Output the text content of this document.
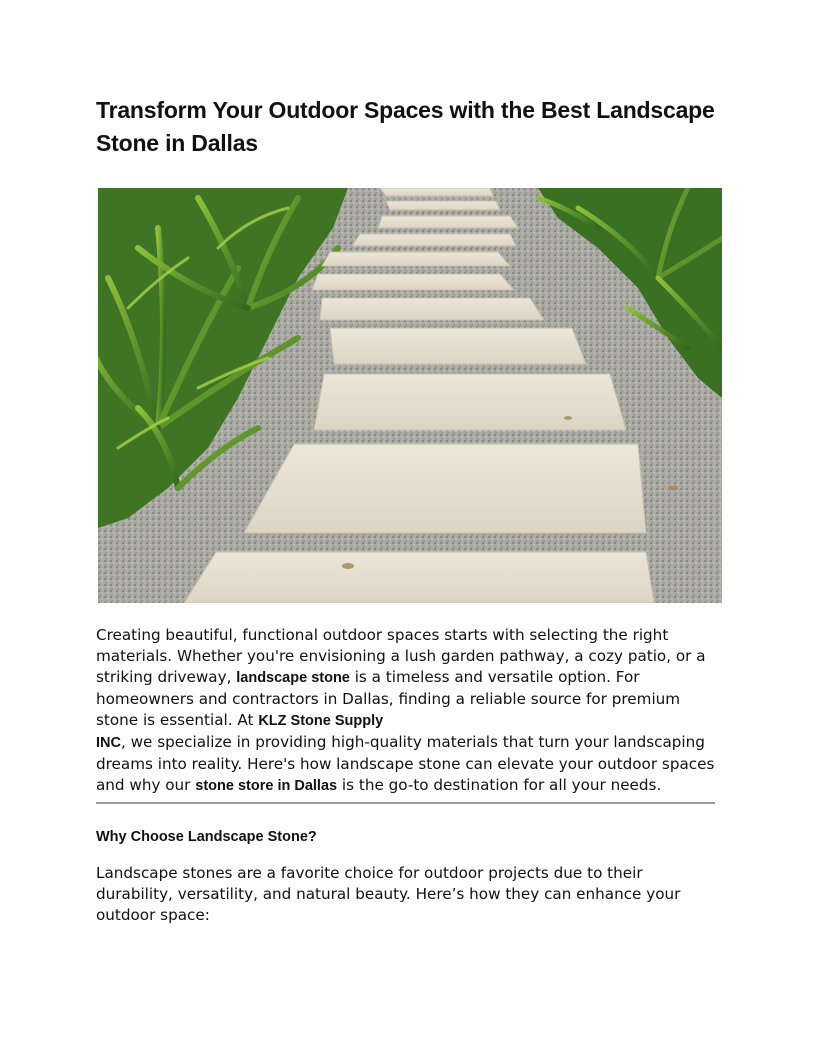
Transform Your Outdoor Spaces with the Best Landscape Stone in Dallas

Creating beautiful, functional outdoor spaces starts with selecting the right materials. Whether you're envisioning a lush garden pathway, a cozy patio, or a striking driveway, landscape stone is a timeless and versatile option. For homeowners and contractors in Dallas, finding a reliable source for premium stone is essential. At KLZ Stone Supply
INC, we specialize in providing high-quality materials that turn your landscaping dreams into reality. Here's how landscape stone can elevate your outdoor spaces and why our stone store in Dallas is the go-to destination for all your needs.

Why Choose Landscape Stone?

Landscape stones are a favorite choice for outdoor projects due to their durability, versatility, and natural beauty. Here’s how they can enhance your outdoor space:
